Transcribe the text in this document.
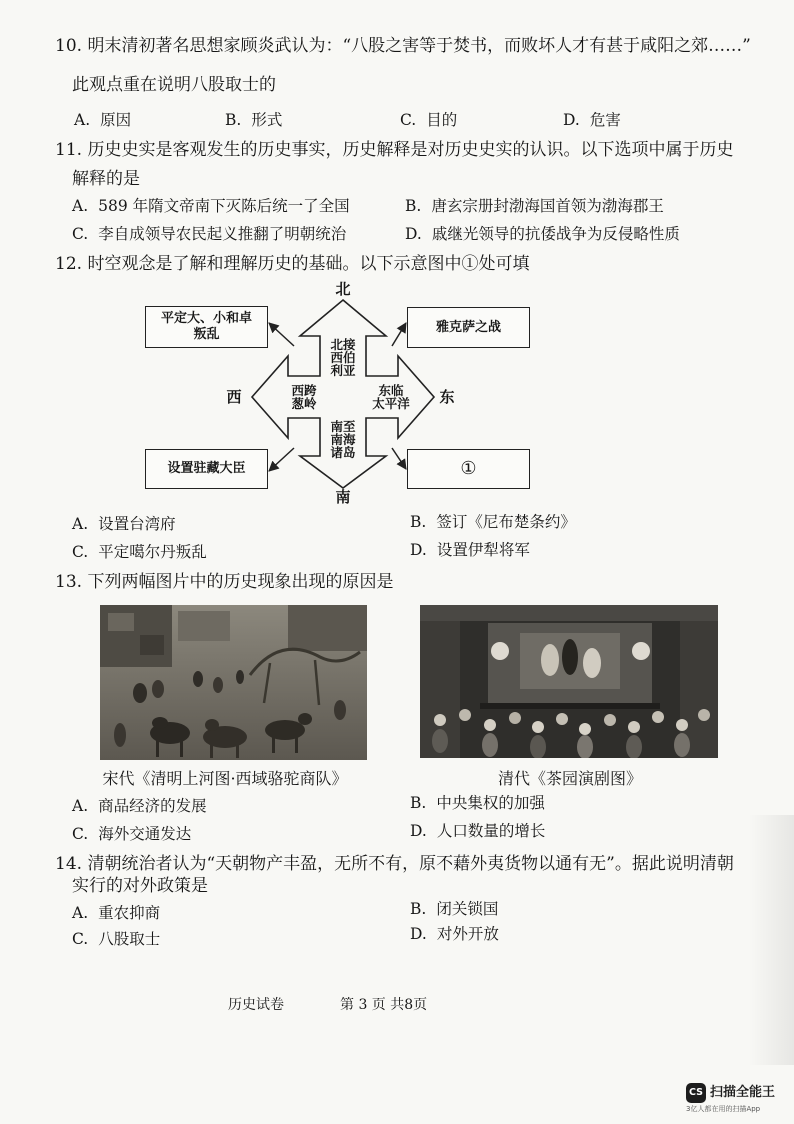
10. 明末清初著名思想家顾炎武认为：“八股之害等于焚书，而败坏人才有甚于咸阳之郊……”
此观点重在说明八股取士的
A. 原因	B. 形式	C. 目的	D. 危害
11. 历史史实是客观发生的历史事实，历史解释是对历史史实的认识。以下选项中属于历史
解释的是
A. 589 年隋文帝南下灭陈后统一了全国	B. 唐玄宗册封渤海国首领为渤海郡王
C. 李自成领导农民起义推翻了明朝统治	D. 戚继光领导的抗倭战争为反侵略性质
12. 时空观念是了解和理解历史的基础。以下示意图中①处可填
北
南
西	东
北接
西伯
利亚
西跨
葱岭
东临
太平洋
南至
南海
诸岛
平定大、小和卓
叛乱	雅克萨之战
设置驻藏大臣	①
A. 设置台湾府	B. 签订《尼布楚条约》
C. 平定噶尔丹叛乱	D. 设置伊犁将军
13. 下列两幅图片中的历史现象出现的原因是
宋代《清明上河图·西域骆驼商队》	清代《茶园演剧图》
A. 商品经济的发展	B. 中央集权的加强
C. 海外交通发达	D. 人口数量的增长
14. 清朝统治者认为“天朝物产丰盈，无所不有，原不藉外夷货物以通有无”。据此说明清朝
实行的对外政策是
A. 重农抑商	B. 闭关锁国
C. 八股取士	D. 对外开放
历史试卷	第 3 页 共8页
CS 扫描全能王
3亿人都在用的扫描App
